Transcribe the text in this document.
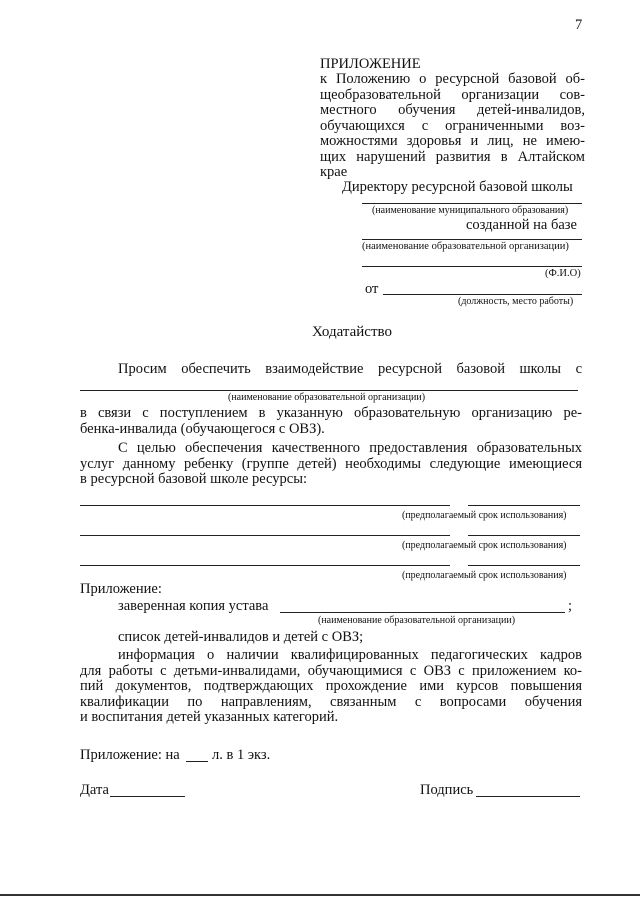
7
ПРИЛОЖЕНИЕ
к Положению о ресурсной базовой об-
щеобразовательной организации сов-
местного обучения детей-инвалидов,
обучающихся с ограниченными воз-
можностями здоровья и лиц, не имею-
щих нарушений развития в Алтайском
крае
Директору ресурсной базовой школы
(наименование муниципального образования)
созданной на базе
(наименование образовательной организации)
(Ф.И.О)
от
(должность, место работы)
Ходатайство
Просим обеспечить взаимодействие ресурсной базовой школы с
(наименование образовательной организации)
в связи с поступлением в указанную образовательную организацию ре-
бенка-инвалида (обучающегося с ОВЗ).
С целью обеспечения качественного предоставления образовательных
услуг данному ребенку (группе детей) необходимы следующие имеющиеся
в ресурсной базовой школе ресурсы:
(предполагаемый срок использования)
(предполагаемый срок использования)
(предполагаемый срок использования)
Приложение:
заверенная копия устава	;
(наименование образовательной организации)
список детей-инвалидов и детей с ОВЗ;
информация о наличии квалифицированных педагогических кадров
для работы с детьми-инвалидами, обучающимися с ОВЗ с приложением ко-
пий документов, подтверждающих прохождение ими курсов повышения
квалификации по направлениям, связанным с вопросами обучения
и воспитания детей указанных категорий.
Приложение: на л. в 1 экз.
Дата	Подпись
